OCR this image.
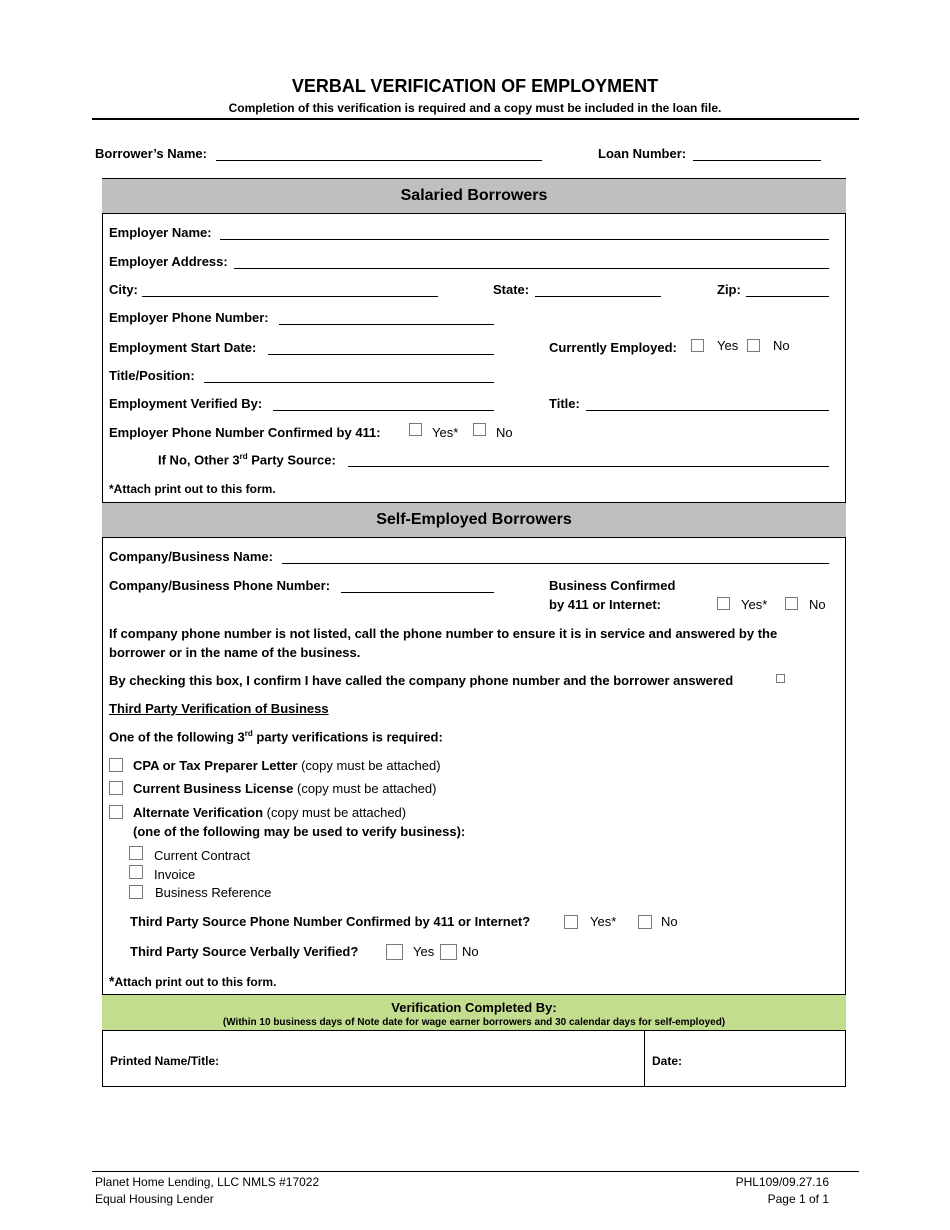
VERBAL VERIFICATION OF EMPLOYMENT
Completion of this verification is required and a copy must be included in the loan file.
Borrower’s Name:	Loan Number:
Salaried Borrowers
Employer Name:
Employer Address:
City:	State:	Zip:
Employer Phone Number:
Employment Start Date:	Currently Employed:	Yes	No
Title/Position:
Employment Verified By:	Title:
Employer Phone Number Confirmed by 411:	Yes*	No
If No, Other 3rd Party Source:
*Attach print out to this form.
Self-Employed Borrowers
Company/Business Name:
Company/Business Phone Number:	Business Confirmed
by 411 or Internet:	Yes*	No
If company phone number is not listed, call the phone number to ensure it is in service and answered by the
borrower or in the name of the business.
By checking this box, I confirm I have called the company phone number and the borrower answered
Third Party Verification of Business
One of the following 3rd party verifications is required:
CPA or Tax Preparer Letter (copy must be attached)
Current Business License (copy must be attached)
Alternate Verification (copy must be attached)
(one of the following may be used to verify business):
Current Contract
Invoice
Business Reference
Third Party Source Phone Number Confirmed by 411 or Internet?	Yes*	No
Third Party Source Verbally Verified?	Yes No
*Attach print out to this form.
Verification Completed By:
(Within 10 business days of Note date for wage earner borrowers and 30 calendar days for self-employed)
Printed Name/Title:	Date:
Planet Home Lending, LLC NMLS #17022
Equal Housing Lender
PHL109/09.27.16
Page 1 of 1
